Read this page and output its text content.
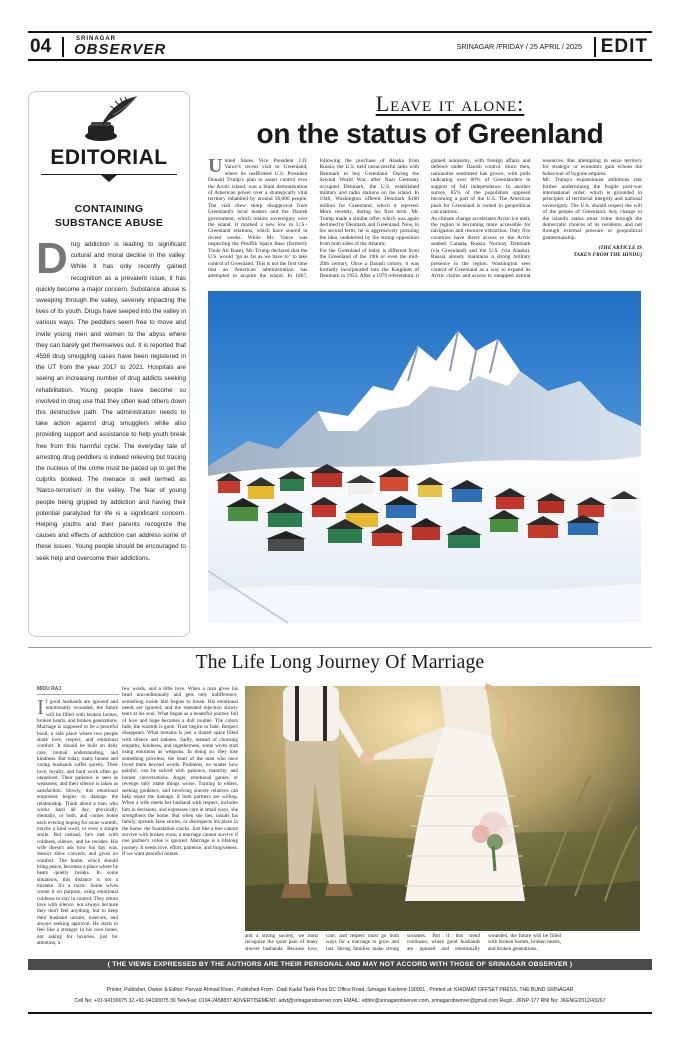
04	SRINAGAR
OBSERVER	SRINAGAR /FRIDAY / 25 APRIL / 2025 EDIT
EDITORIAL
CONTAINING
SUBSTANCE ABUSE
D rug addiction is leading to significant cultural and moral decline in the valley. While it has only recently gained recognition as a prevalent issue, it has quickly become a major concern. Substance abuse is sweeping through the valley, severely impacting the lives of its youth. Drugs have seeped into the valley in various ways. The peddlers seem free to move and invite young men and women to the abyss where they can barely get themselves out. It is reported that 4598 drug smuggling cases have been registered in the UT from the year 2017 to 2021. Hospitals are seeing an increasing number of drug addicts seeking rehabilitation. Young people have become so involved in drug use that they often lead others down this destructive path. The administration needs to take action against drug smugglers while also providing support and assistance to help youth break free from this harmful cycle. The everyday tale of arresting drug peddlers is indeed relieving but tracing the nucleus of the crime must be paced up to get the culprits booked. The menace is well termed as 'Narco-terrorism' in the valley. The fear of young people being gripped by addiction and having their potential paralyzed for life is a significant concern. Helping youths and their parents recognize the causes and effects of addiction can address some of these issues. Young people should be encouraged to seek help and overcome their addictions.
Leave it alone:
on the status of Greenland

United States Vice President J.D. Vance's recent visit to Greenland, where he reaffirmed U.S. President Donald Trump's plan to assert control over the Arctic island, was a blunt demonstration of American power over a strategically vital territory inhabited by around 56,000 people. The visit drew sharp disapproval from Greenland's local leaders and the Danish government, which retains sovereignty over the island. It marked a new low in U.S.-Greenland relations, which have soured in recent weeks. While Mr. Vance was inspecting the Pituffik Space Base (formerly Thule Air Base), Mr. Trump declared that the U.S. would "go as far as we have to" to take control of Greenland. This is not the first time that an American administration has attempted to acquire the island. In 1867, following the purchase of Alaska from Russia, the U.S. held unsuccessful talks with Denmark to buy Greenland. During the Second World War, after Nazi Germany occupied Denmark, the U.S. established military and radio stations on the island. In 1946, Washington offered Denmark $100 million for Greenland, which it rejected. More recently, during his first term, Mr. Trump made a similar offer, which was again declined by Denmark and Greenland. Now, in his second term, he is aggressively pursuing the idea, undeterred by the strong opposition from both sides of the Atlantic.

For the Greenland of today is different from the Greenland of the 19th or even the mid-20th century. Once a Danish colony, it was formally incorporated into the Kingdom of Denmark in 1953. After a 1979 referendum, it gained autonomy, with foreign affairs and defence under Danish control. Since then, nationalist sentiment has grown, with polls indicating over 80% of Greenlanders in support of full independence. In another survey, 85% of the population opposed becoming a part of the U.S. The American push for Greenland is rooted in geopolitical calculations.

As climate change accelerates Arctic ice melt, the region is becoming more accessible for navigation and resource extraction. Only five countries have direct access to the Arctic seabed: Canada, Russia, Norway, Denmark (via Greenland) and the U.S. (via Alaska). Russia already maintains a strong military presence in the region. Washington sees control of Greenland as a way to expand its Arctic claims and access to untapped natural resources. But attempting to seize territory for strategic or economic gain echoes the behaviour of bygone empires.

Mr. Trump's expansionist ambitions risk further undermining the fragile post-war international order, which is grounded in principles of territorial integrity and national sovereignty. The U.S. should respect the will of the people of Greenland. Any change in the island's status must come through the democratic choices of its residents, and not through external pressure or geopolitical gamesmanship.

(THE ARTICLE IS
TAKEN FROM THE HINDU)
The Life Long Journey Of Marriage
MIDU RAJ
I f good husbands are ignored and emotionally wounded, the future will be filled with broken homes, broken hearts, and broken generations. Marriage is supposed to be a peaceful bond, a safe place where two people share love, respect, and emotional comfort. It should be built on daily care, mutual understanding, and kindness. But today, many honest and caring husbands suffer quietly. Their love, loyalty, and hard work often go unnoticed. Their patience is seen as weakness, and their silence is taken as satisfaction. Slowly, this emotional emptiness begins to damage the relationship. Think about a man who works hard all day, physically, mentally, or both, and comes home each evening hoping for some warmth, maybe a kind word, or even a simple smile. But instead, he's met with coldness, silence, and he recedes. His wife doesn't ask how his day was, doesn't show concern, and gives no comfort. The home, which should bring peace, becomes a place where he hears quietly breaks. In some situations, this distance is not a mistake. It's a tactic. Some wives create it on purpose, using emotional coldness to stay in control. They return love with silence, not always because they don't feel anything, but to keep their husband unsure, insecure, and always seeking approval. He starts to feel like a stranger in his own home, not asking for luxuries, just for attention, a
few words, and a little love. When a man gives his heart unconditionally and gets only indifference, something inside him begins to break. His emotional needs are ignored, and the repeated rejection slowly tears at his soul. What began as a beautiful journey full of love and hope becomes a dull routine. The colors fade, the warmth is gone. Trust begins to fade. Respect disappears. What remains is just a shared space filled with silence and sadness. Sadly, instead of choosing empathy, kindness, and togetherness, some wives start using emotions as weapons. In doing so, they lose something priceless, the heart of the man who once loved them beyond words. Problems, no matter how painful, can be solved with patience, maturity, and honest conversations. Anger, emotional games, or revenge only make things worse. Turning to elders, seeking guidance, and involving sincere relatives can help repair the damage, if both partners are willing. When a wife meets her husband with respect, includes him in decisions, and expresses care in small ways, she strengthens the home. But when she lies, insults his family, spreads false stories, or disrespects his place in the home, the foundation cracks. Just like a tree cannot survive with broken roots, a marriage cannot survive if one partner's value is ignored. Marriage is a lifelong journey. It needs love, effort, patience, and forgiveness. If we want peaceful homes
and a strong society, we must recognize the quiet pain of many sincere husbands. Because love, care, and respect must go both ways for a marriage to grow and last. Strong families make strong societies. But if this trend continues, where good husbands are ignored and emotionally wounded, the future will be filled with broken homes, broken hearts, and broken generations.
( THE VIEWS EXPRESSED BY THE AUTHORS ARE THEIR PERSONAL AND MAY NOT ACCORD WITH THOSE OF SRINAGAR OBSERVER )
Printer, Publisher, Owner & Editor: Parvaiz Ahmad Khan , Published From : Dadi Kadal Tanki Pora DC Office Road, Srinagar Kashmir-190001 , Printed at: KHIDMAT OFFSET PRESS, THE BUND SRINAGAR
Cell No: +91-94190075 32,+91-94190075 30 Tele/Fax: 0194-2458837 ADVERTISEMENT: advt@srinagarobserver.com EMAIL: editor@srinagarobserver.com, srinagarobserver@gmail.com Regd.: JKNP-177 RNI No: JKENG/2012/43267
